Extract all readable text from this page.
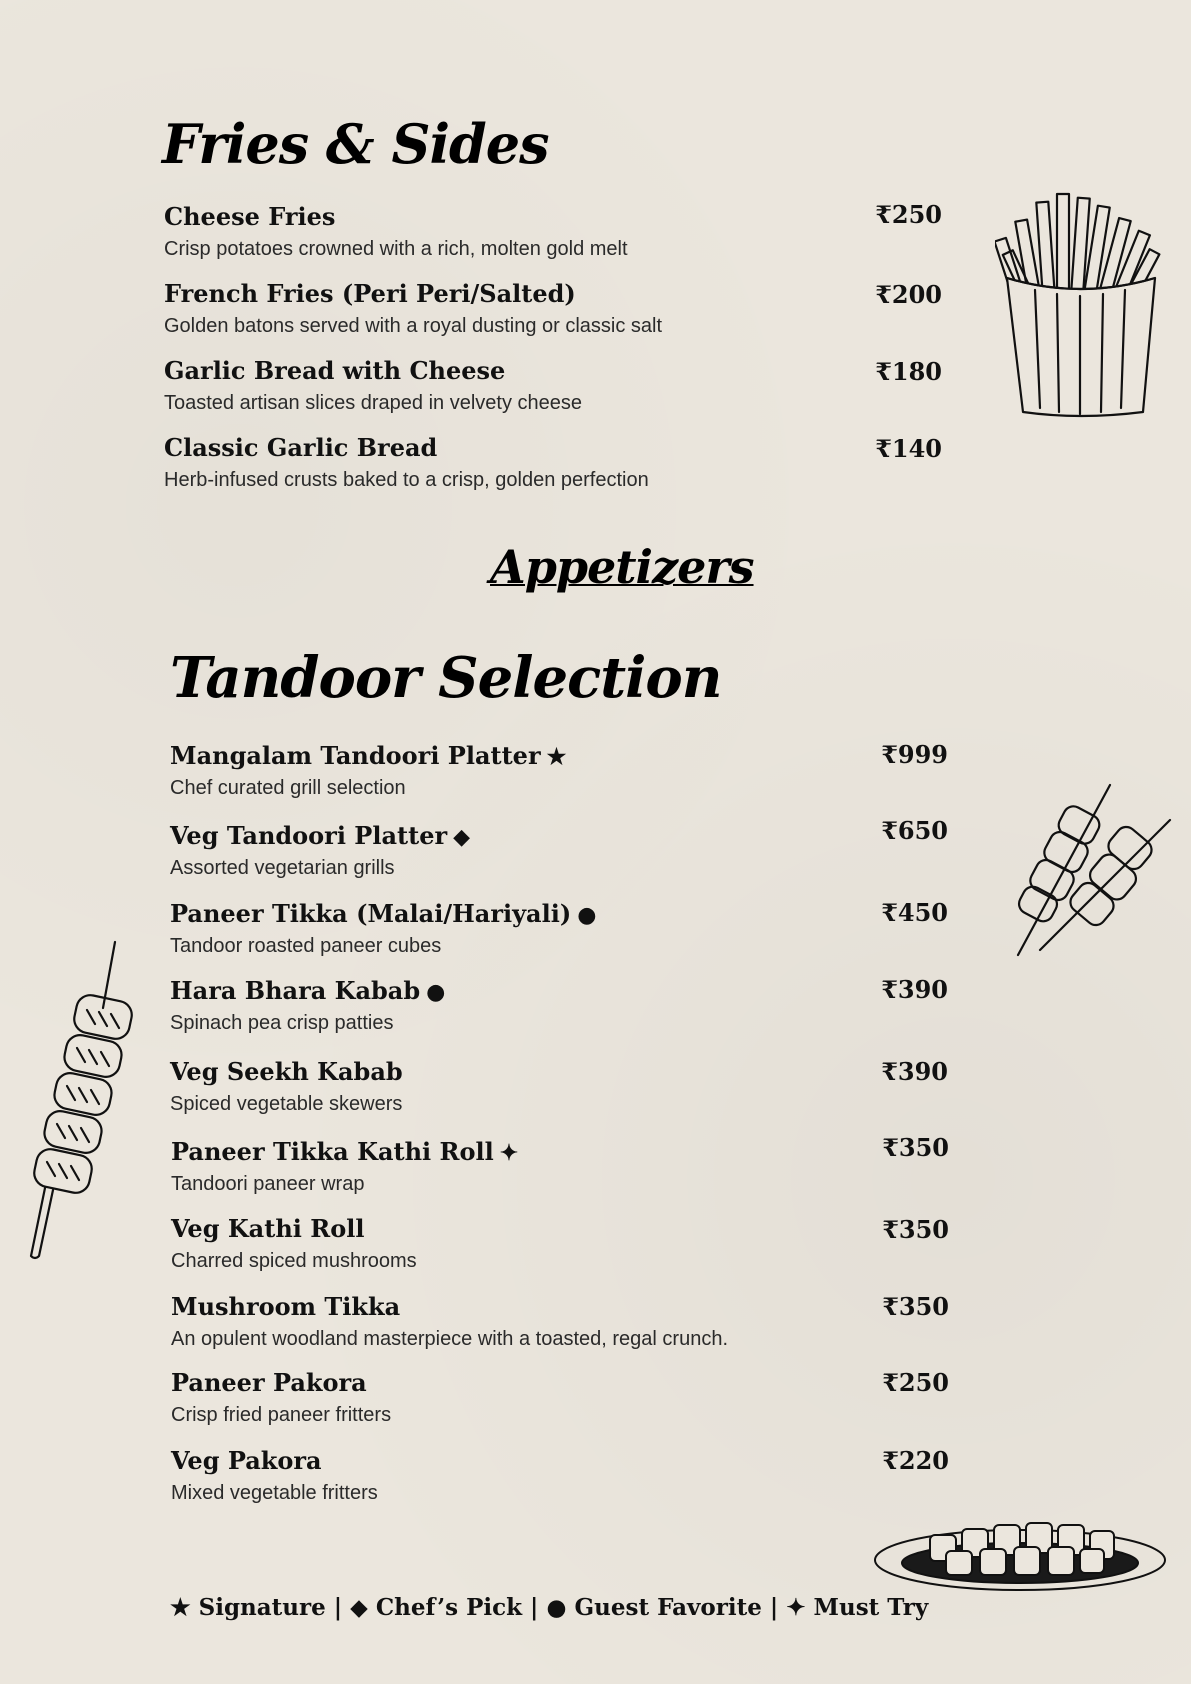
Fries & Sides
Appetizers
Tandoor Selection
Cheese Fries
Crisp potatoes crowned with a rich, molten gold melt
₹250
French Fries (Peri Peri/Salted)
Golden batons served with a royal dusting or classic salt
₹200
Garlic Bread with Cheese
Toasted artisan slices draped in velvety cheese
₹180
Classic Garlic Bread
Herb-infused crusts baked to a crisp, golden perfection
₹140
Mangalam Tandoori Platter ★
Chef curated grill selection
₹999
Veg Tandoori Platter ◆
Assorted vegetarian grills
₹650
Paneer Tikka (Malai/Hariyali) ●
Tandoor roasted paneer cubes
₹450
Hara Bhara Kabab ●
Spinach pea crisp patties
₹390
Veg Seekh Kabab
Spiced vegetable skewers
₹390
Paneer Tikka Kathi Roll ✦
Tandoori paneer wrap
₹350
Veg Kathi Roll
Charred spiced mushrooms
₹350
Mushroom Tikka
An opulent woodland masterpiece with a toasted, regal crunch.
₹350
Paneer Pakora
Crisp fried paneer fritters
₹250
Veg Pakora
Mixed vegetable fritters
₹220
★ Signature | ◆ Chef’s Pick | ● Guest Favorite | ✦ Must Try
